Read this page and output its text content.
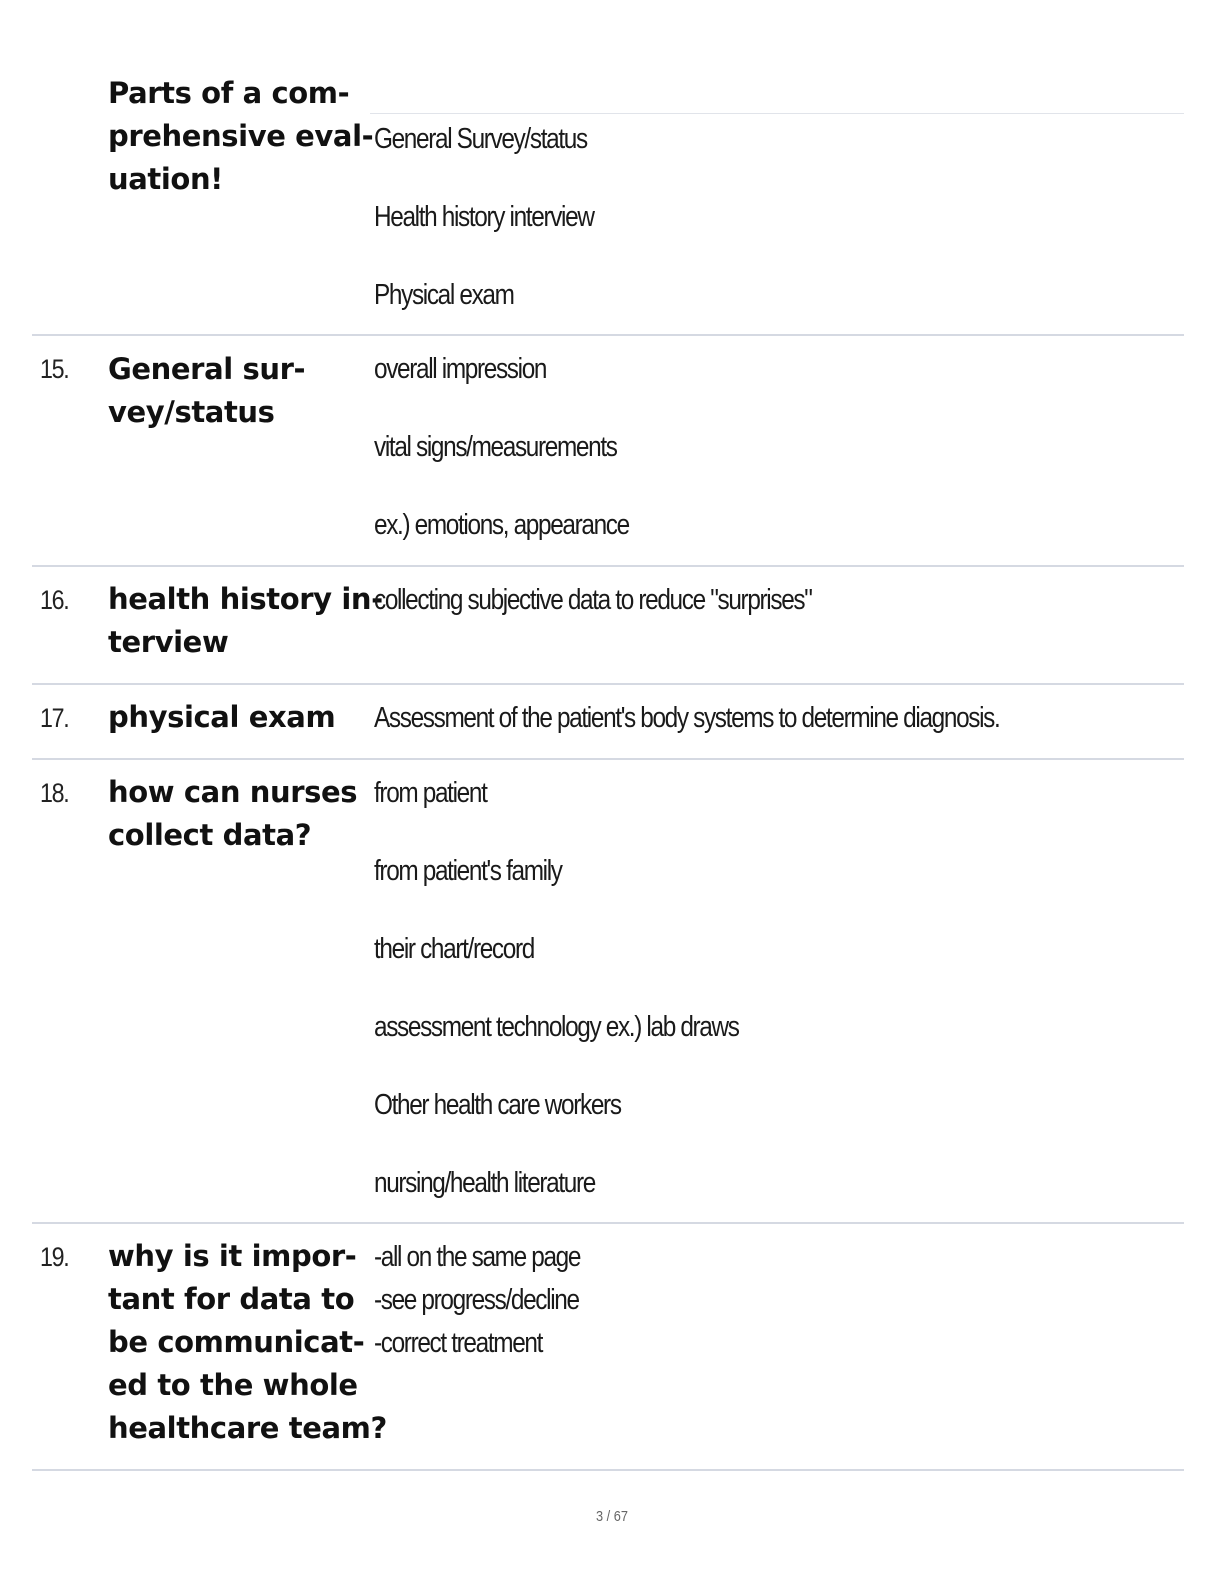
Parts of a com-
prehensive eval-
uation!
General Survey/status
Health history interview
Physical exam
15. General sur-
vey/status
overall impression
vital signs/measurements
ex.) emotions, appearance
16. health history in-
terview
collecting subjective data to reduce "surprises"
17. physical exam	Assessment of the patient's body systems to determine diagnosis.
18. how can nurses
collect data?
from patient
from patient's family
their chart/record
assessment technology ex.) lab draws
Other health care workers
nursing/health literature
19. why is it impor-
tant for data to
be communicat-
ed to the whole
healthcare team?
-all on the same page
-see progress/decline
-correct treatment
3 / 67
